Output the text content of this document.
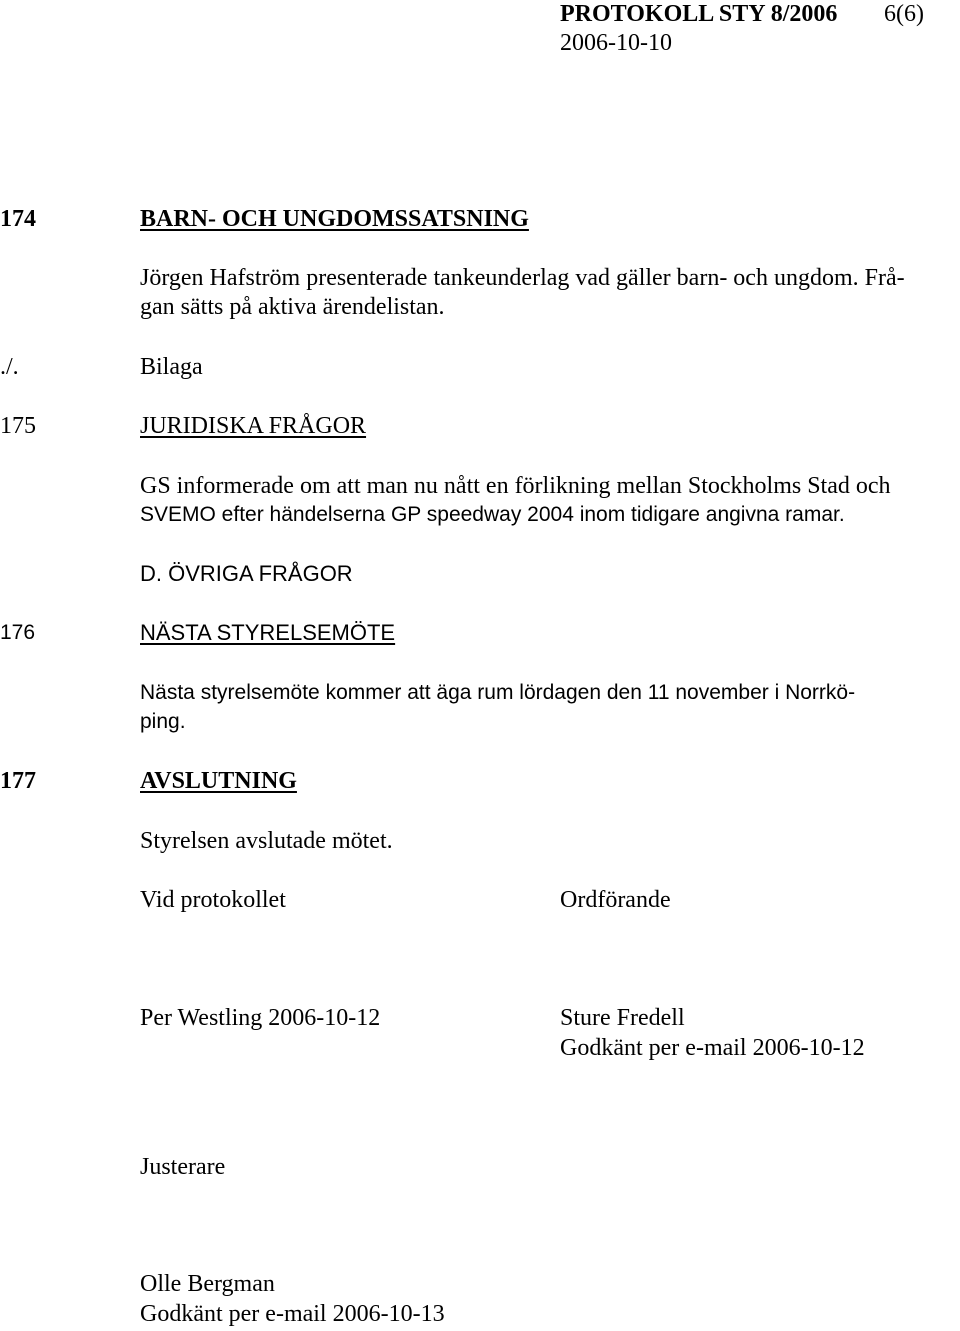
PROTOKOLL STY 8/2006 6(6)
2006-10-10
174	BARN- OCH UNGDOMSSATSNING
Jörgen Hafström presenterade tankeunderlag vad gäller barn- och ungdom. Frå-
gan sätts på aktiva ärendelistan.
./.	Bilaga
175	JURIDISKA FRÅGOR
GS informerade om att man nu nått en förlikning mellan Stockholms Stad och
SVEMO efter händelserna GP speedway 2004 inom tidigare angivna ramar.
D. ÖVRIGA FRÅGOR
176	NÄSTA STYRELSEMÖTE
Nästa styrelsemöte kommer att äga rum lördagen den 11 november i Norrkö-
ping.
177	AVSLUTNING
Styrelsen avslutade mötet.
Vid protokollet	Ordförande
Per Westling 2006-10-12	Sture Fredell
Godkänt per e-mail 2006-10-12
Justerare
Olle Bergman
Godkänt per e-mail 2006-10-13
